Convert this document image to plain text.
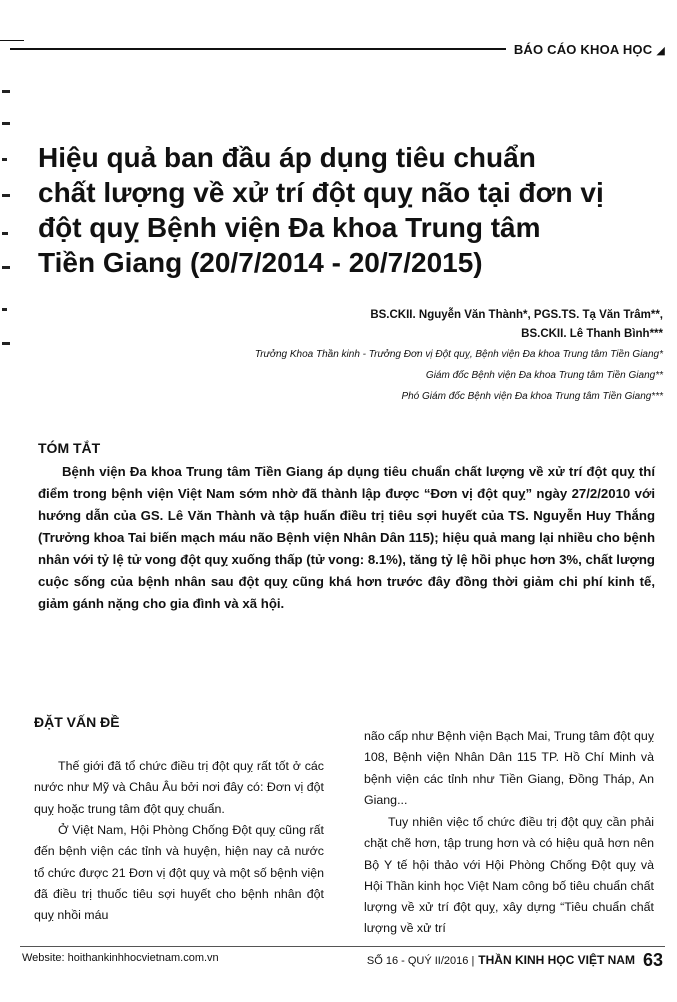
BÁO CÁO KHOA HỌC ◢
Hiệu quả ban đầu áp dụng tiêu chuẩn
chất lượng về xử trí đột quỵ não tại đơn vị
đột quỵ Bệnh viện Đa khoa Trung tâm
Tiền Giang (20/7/2014 - 20/7/2015)
BS.CKII. Nguyễn Văn Thành*, PGS.TS. Tạ Văn Trâm**,
BS.CKII. Lê Thanh Bình***
Trưởng Khoa Thần kinh - Trưởng Đơn vị Đột quỵ, Bệnh viện Đa khoa Trung tâm Tiền Giang*
Giám đốc Bệnh viện Đa khoa Trung tâm Tiền Giang**
Phó Giám đốc Bệnh viện Đa khoa Trung tâm Tiền Giang***
TÓM TẮT

Bệnh viện Đa khoa Trung tâm Tiền Giang áp dụng tiêu chuẩn chất lượng về xử trí đột quỵ thí điểm trong bệnh viện Việt Nam sớm nhờ đã thành lập được “Đơn vị đột quỵ” ngày 27/2/2010 với hướng dẫn của GS. Lê Văn Thành và tập huấn điều trị tiêu sợi huyết của TS. Nguyễn Huy Thắng (Trưởng khoa Tai biến mạch máu não Bệnh viện Nhân Dân 115); hiệu quả mang lại nhiều cho bệnh nhân với tỷ lệ tử vong đột quỵ xuống thấp (tử vong: 8.1%), tăng tỷ lệ hồi phục hơn 3%, chất lượng cuộc sống của bệnh nhân sau đột quỵ cũng khá hơn trước đây đồng thời giảm chi phí kinh tế, giảm gánh nặng cho gia đình và xã hội.

ĐẶT VẤN ĐỀ

Thế giới đã tổ chức điều trị đột quỵ rất tốt ở các nước như Mỹ và Châu Âu bởi nơi đây có: Đơn vị đột quỵ hoặc trung tâm đột quỵ chuẩn.

Ở Việt Nam, Hội Phòng Chống Đột quỵ cũng rất đến bệnh viện các tỉnh và huyện, hiện nay cả nước tổ chức được 21 Đơn vị đột quỵ và một số bệnh viện đã điều trị thuốc tiêu sợi huyết cho bệnh nhân đột quỵ nhồi máu

não cấp như Bệnh viện Bạch Mai, Trung tâm đột quỵ 108, Bệnh viện Nhân Dân 115 TP. Hồ Chí Minh và bệnh viện các tỉnh như Tiền Giang, Đồng Tháp, An Giang...

Tuy nhiên việc tổ chức điều trị đột quỵ cần phải chặt chẽ hơn, tập trung hơn và có hiệu quả hơn nên Bộ Y tế hội thảo với Hội Phòng Chống Đột quỵ và Hội Thần kinh học Việt Nam công bố tiêu chuẩn chất lượng về xử trí đột quỵ, xây dựng “Tiêu chuẩn chất lượng về xử trí

Website: hoithankinhhocvietnam.com.vn	SỐ 16 - QUÝ II/2016 | THẦN KINH HỌC VIỆT NAM 63
